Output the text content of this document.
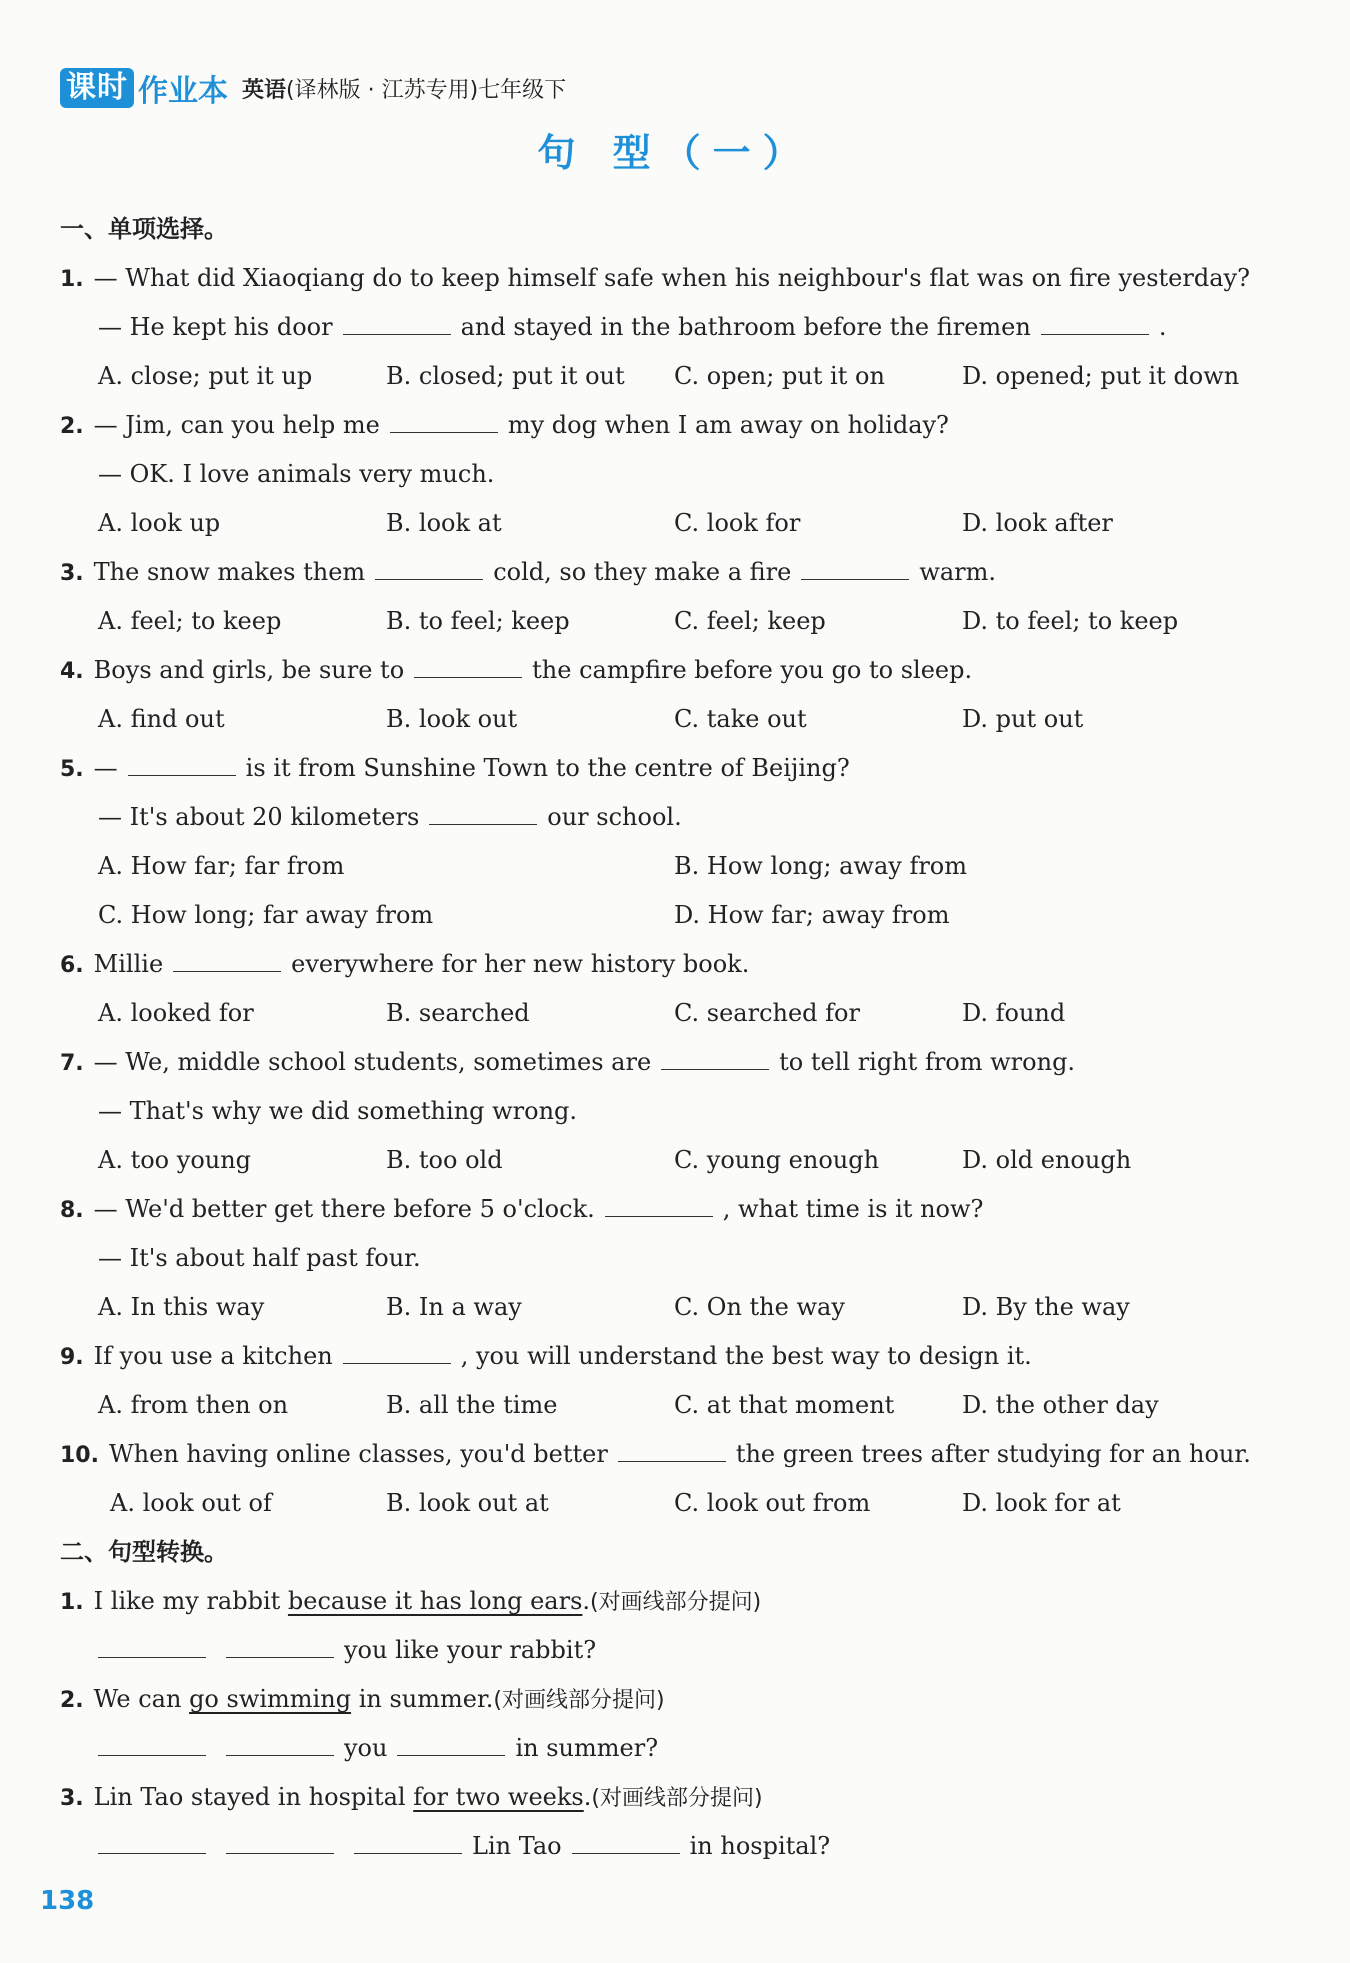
课时 作业本 英语(译林版 · 江苏专用)七年级下
句 型（一）
一、单项选择。
1. — What did Xiaoqiang do to keep himself safe when his neighbour's flat was on fire yesterday?
— He kept his door	and stayed in the bathroom before the firemen	.
A. close; put it up	B. closed; put it out	C. open; put it on	D. opened; put it down
2. — Jim, can you help me	my dog when I am away on holiday?
— OK. I love animals very much.
A. look up	B. look at	C. look for	D. look after
3. The snow makes them	cold, so they make a fire	warm.
A. feel; to keep	B. to feel; keep	C. feel; keep	D. to feel; to keep
4. Boys and girls, be sure to	the campfire before you go to sleep.
A. find out	B. look out	C. take out	D. put out
5. —	is it from Sunshine Town to the centre of Beijing?
— It's about 20 kilometers	our school.
A. How far; far from	B. How long; away from
C. How long; far away from	D. How far; away from
6. Millie	everywhere for her new history book.
A. looked for	B. searched	C. searched for	D. found
7. — We, middle school students, sometimes are	to tell right from wrong.
— That's why we did something wrong.
A. too young	B. too old	C. young enough	D. old enough
8. — We'd better get there before 5 o'clock.	, what time is it now?
— It's about half past four.
A. In this way	B. In a way	C. On the way	D. By the way
9. If you use a kitchen	, you will understand the best way to design it.
A. from then on	B. all the time	C. at that moment	D. the other day
10. When having online classes, you'd better	the green trees after studying for an hour.
A. look out of	B. look out at	C. look out from	D. look for at
二、句型转换。
1. I like my rabbit because it has long ears.(对画线部分提问)
you like your rabbit?
2. We can go swimming in summer.(对画线部分提问)
you	in summer?
3. Lin Tao stayed in hospital for two weeks.(对画线部分提问)
Lin Tao	in hospital?
138
